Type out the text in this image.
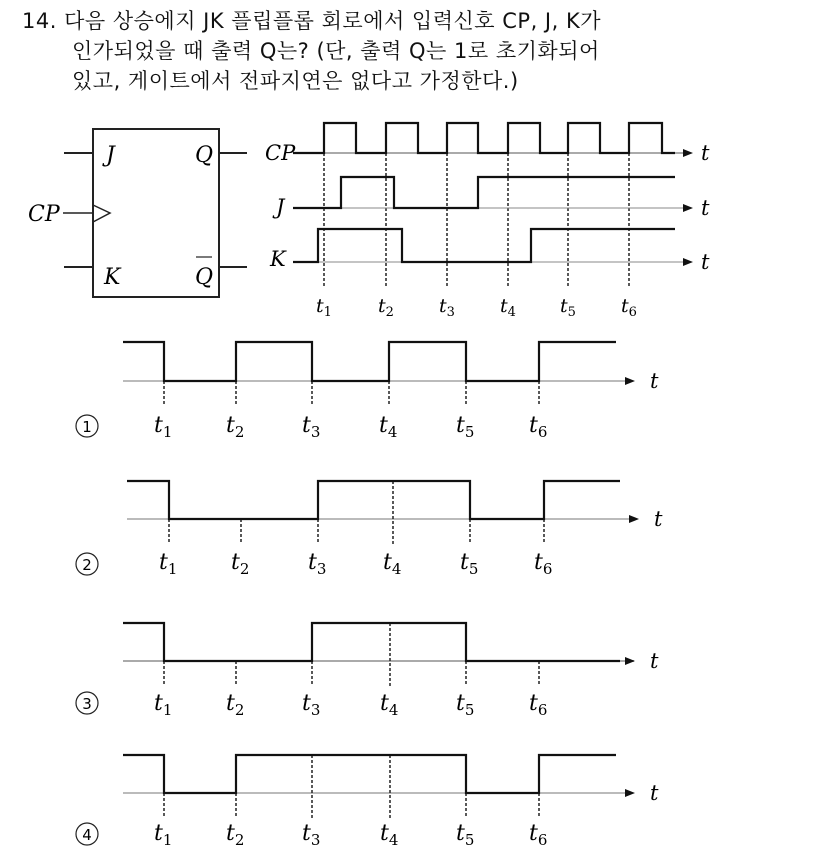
14. 다음 상승에지 JK 플립플롭 회로에서 입력신호 CP, J, K가
인가되었을 때 출력 Q는? (단, 출력 Q는 1로 초기화되어
있고, 게이트에서 전파지연은 없다고 가정한다.)
J
K
CP
Q
Q
CP
J
K
t
t
t
$t_1$ $t_2$ $t_3$ $t_4$ $t_5$ $t_6$
1
t
$t_1$ $t_2$	$t_3$	$t_4$	$t_5$ $t_6$
2
t
$t_1$ $t_2$	$t_3$	$t_4$	$t_5$	$t_6$
3
t
$t_1$ $t_2$	$t_3$	$t_4$	$t_5$ $t_6$
4
t
$t_1$ $t_2$	$t_3$	$t_4$	$t_5$ $t_6$
